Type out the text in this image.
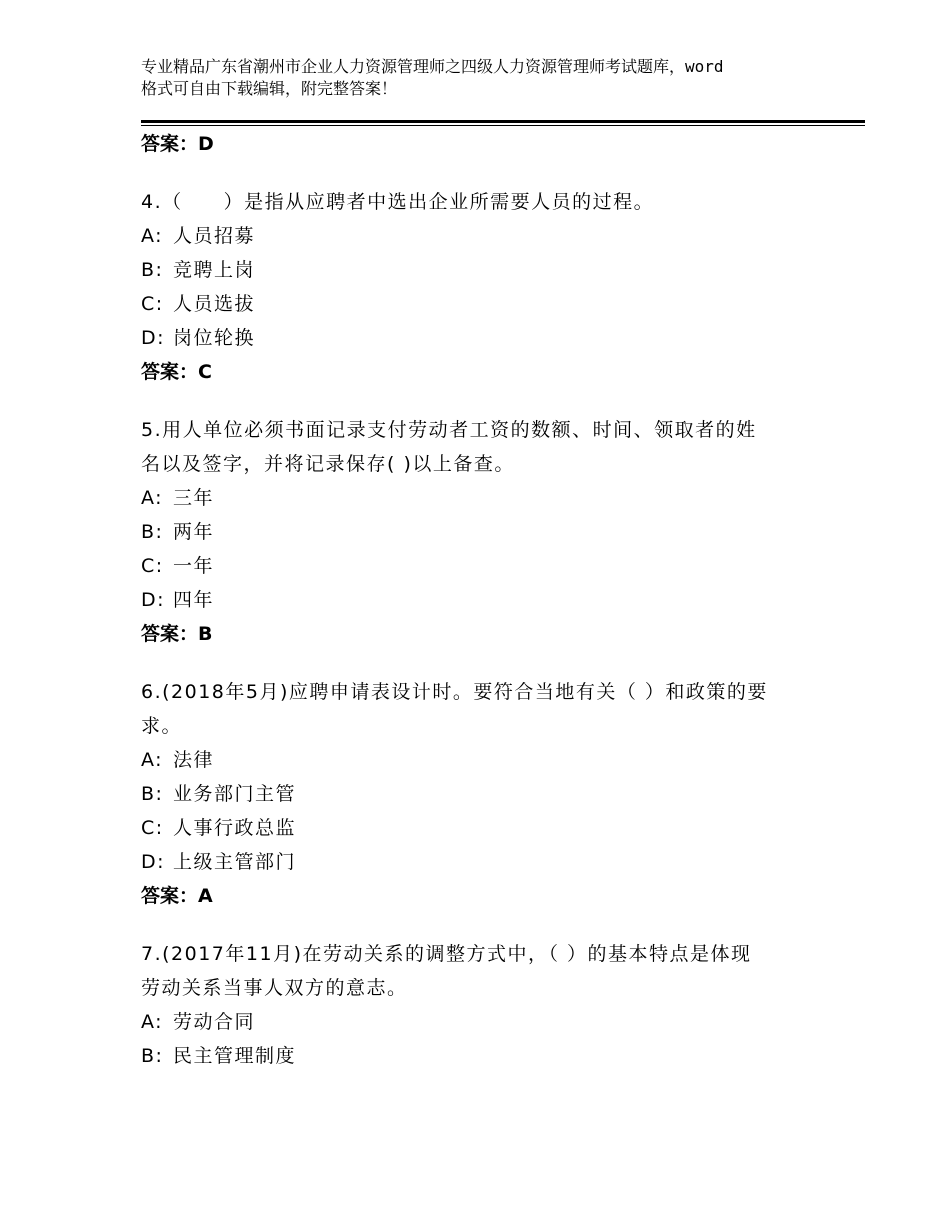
专业精品广东省潮州市企业人力资源管理师之四级人力资源管理师考试题库，word
格式可自由下载编辑，附完整答案！
答案：D
4.（　　）是指从应聘者中选出企业所需要人员的过程。
A: 人员招募
B: 竞聘上岗
C: 人员选拔
D: 岗位轮换
答案：C
5.用人单位必须书面记录支付劳动者工资的数额、时间、领取者的姓
名以及签字，并将记录保存( )以上备查。
A: 三年
B: 两年
C: 一年
D: 四年
答案：B
6.(2018年5月)应聘申请表设计时。要符合当地有关（ ）和政策的要
求。
A: 法律
B: 业务部门主管
C: 人事行政总监
D: 上级主管部门
答案：A
7.(2017年11月)在劳动关系的调整方式中，（ ）的基本特点是体现
劳动关系当事人双方的意志。
A: 劳动合同
B: 民主管理制度
